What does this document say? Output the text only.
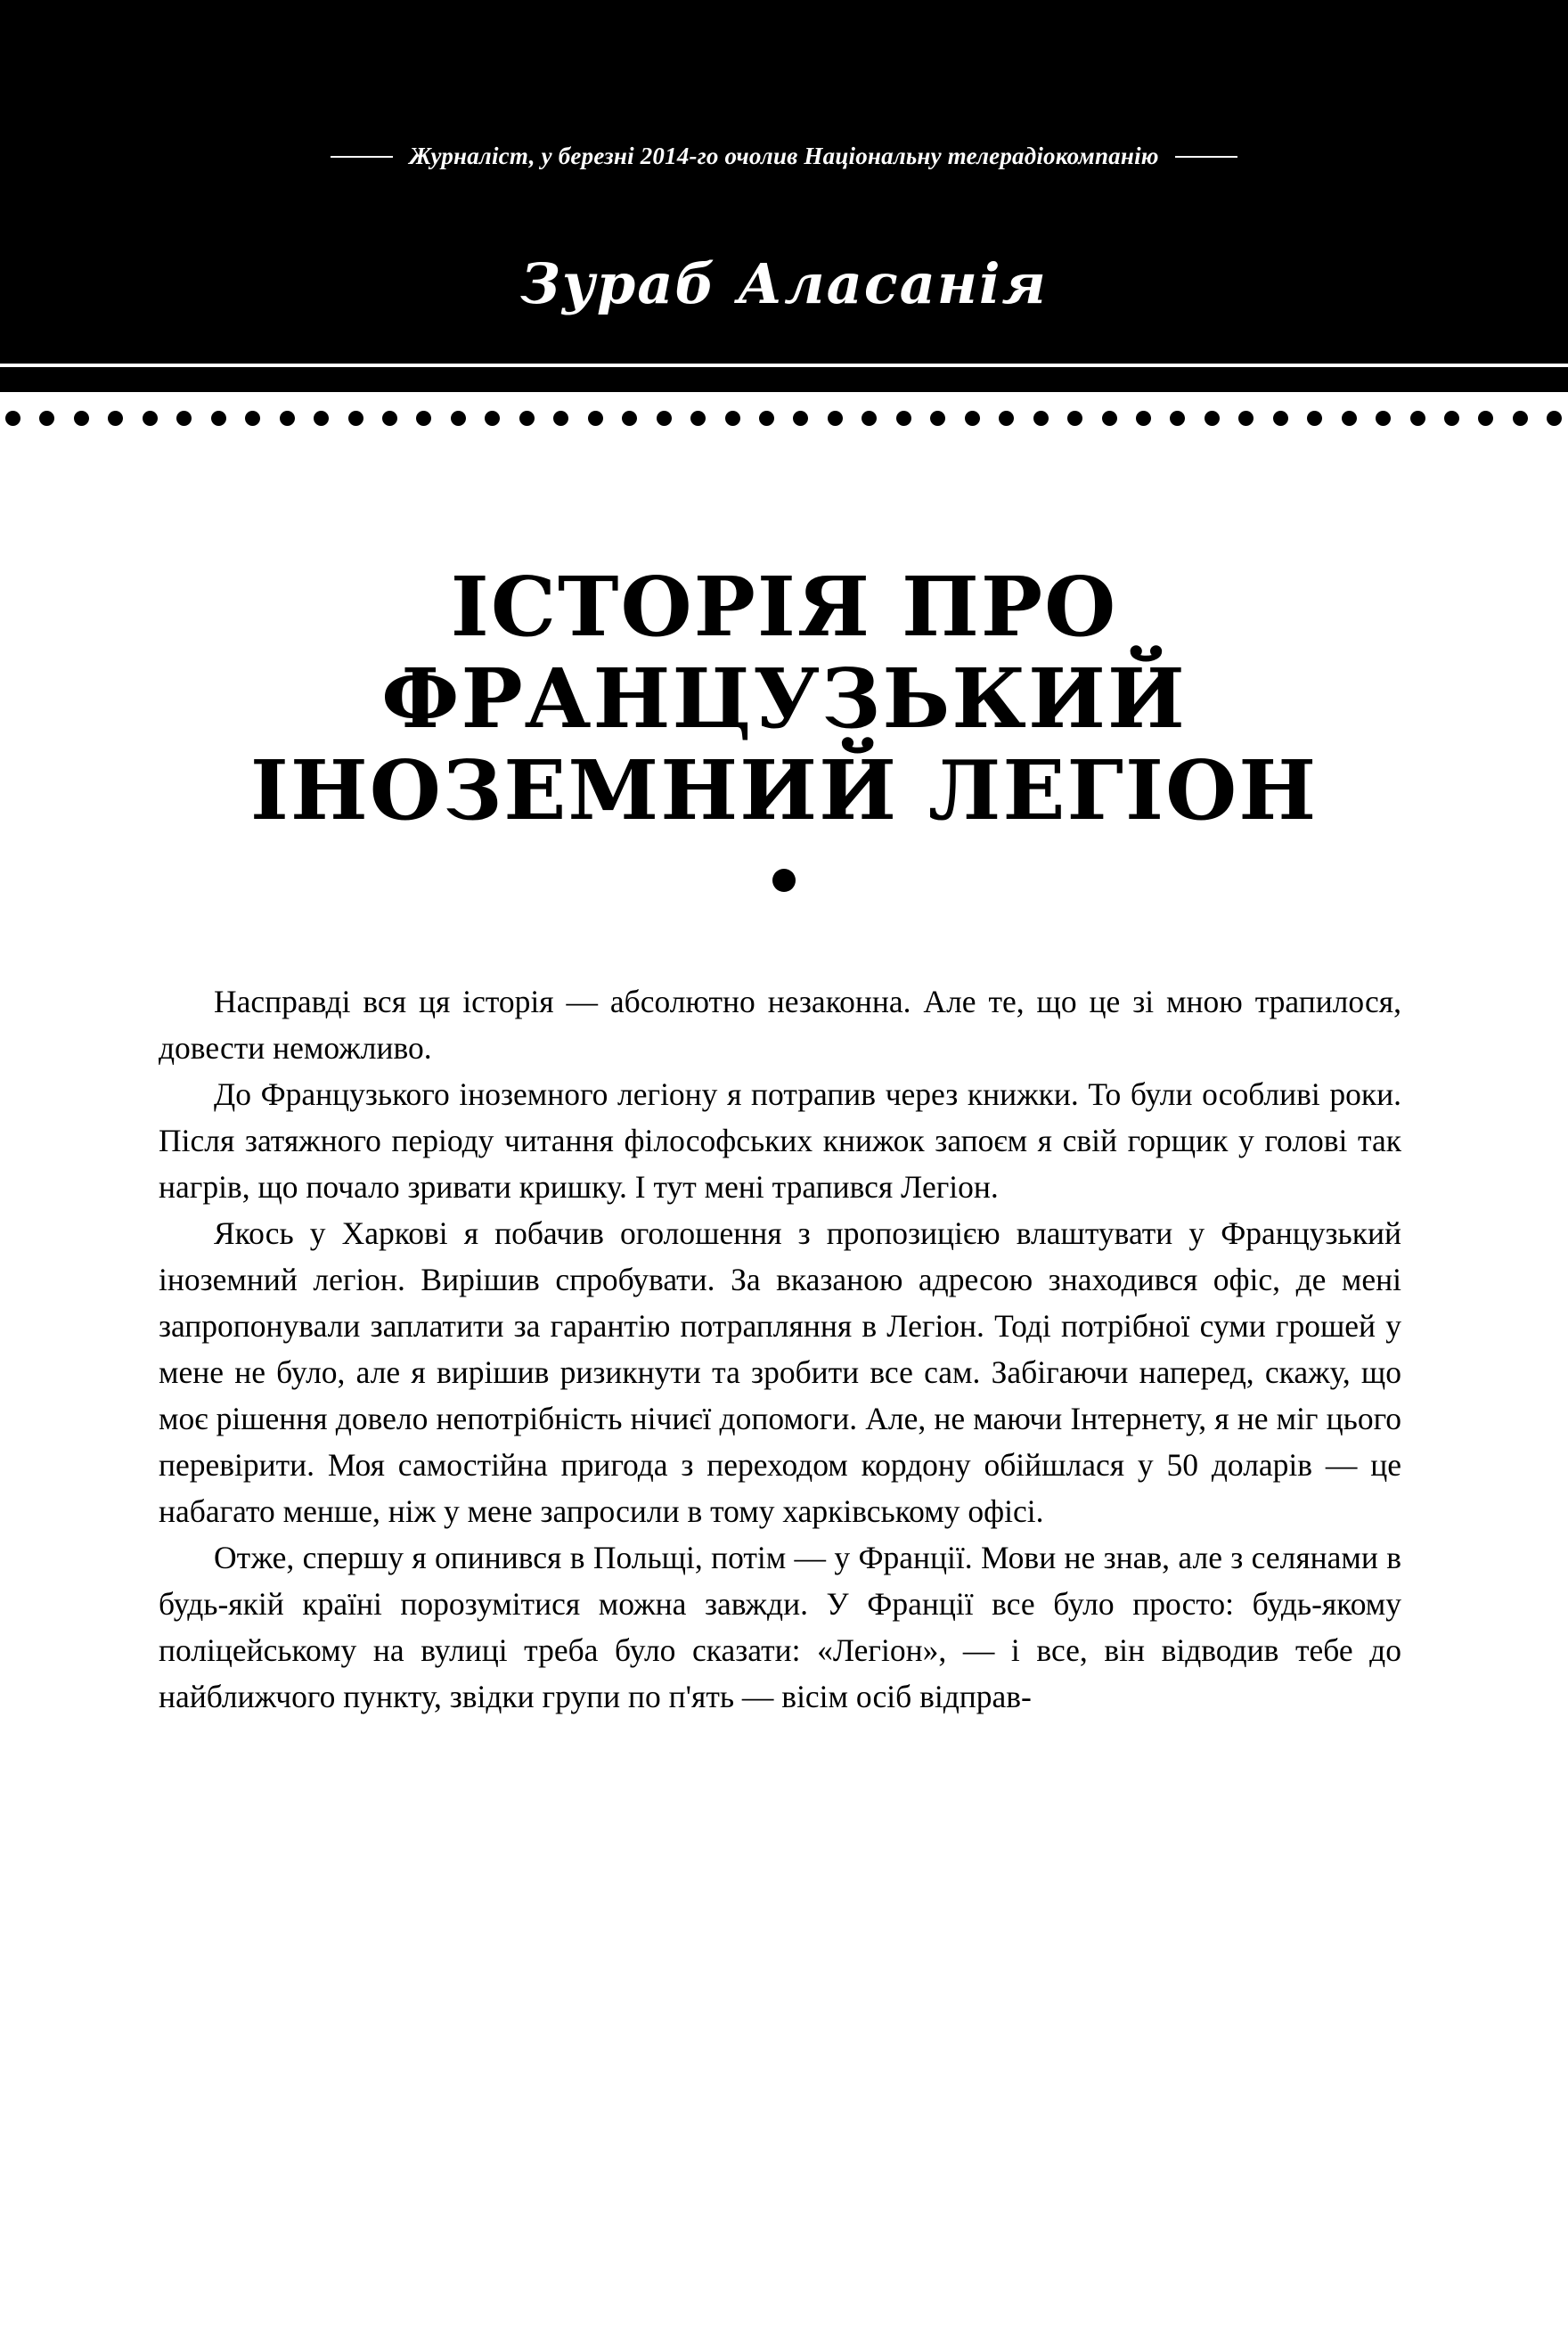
Журналіст, у березні 2014-го очолив Національну телерадіокомпанію
Зураб Аласанія
ІСТОРІЯ ПРО ФРАНЦУЗЬКИЙ
ІНОЗЕМНИЙ ЛЕГІОН

Насправді вся ця історія — абсолютно незаконна. Але те, що це зі мною трапилося, довести неможливо.

До Французького іноземного легіону я потрапив через книжки. То були особливі роки. Після затяжного періоду читання філософських книжок запоєм я свій горщик у голові так нагрів, що почало зривати кришку. І тут мені трапився Легіон.

Якось у Харкові я побачив оголошення з пропозицією влаштувати у Французький іноземний легіон. Вирішив спробувати. За вказаною адресою знаходився офіс, де мені запропонували заплатити за гарантію потрапляння в Легіон. Тоді потрібної суми грошей у мене не було, але я вирішив ризикнути та зробити все сам. Забігаючи наперед, скажу, що моє рішення довело непотрібність нічиєї допомоги. Але, не маючи Інтернету, я не міг цього перевірити. Моя самостійна пригода з переходом кордону обійшлася у 50 доларів — це набагато менше, ніж у мене запросили в тому харківському офісі.

Отже, спершу я опинився в Польщі, потім — у Франції. Мови не знав, але з селянами в будь-якій країні порозумітися можна завжди. У Франції все було просто: будь-якому поліцейському на вулиці треба було сказати: «Легіон», — і все, він відводив тебе до найближчого пункту, звідки групи по п'ять — вісім осіб відправ-
